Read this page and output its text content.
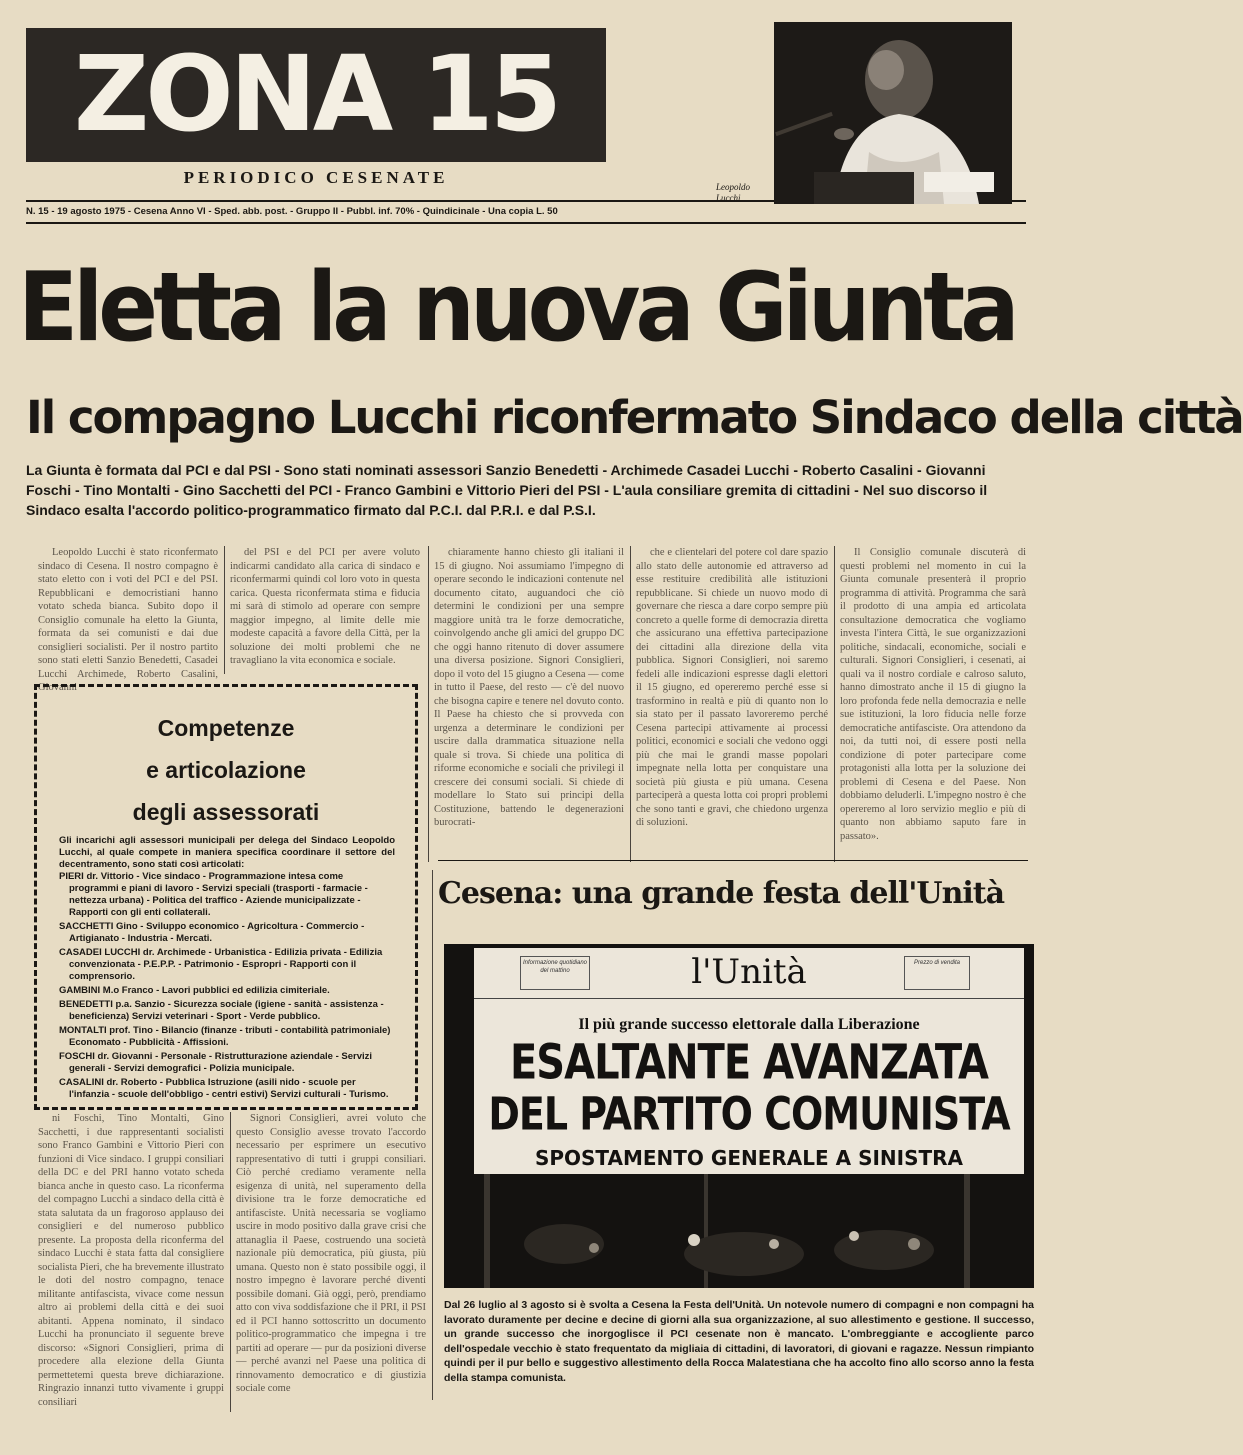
ZONA 15
PERIODICO CESENATE
N. 15 - 19 agosto 1975 - Cesena Anno VI - Sped. abb. post. - Gruppo II - Pubbl. inf. 70% - Quindicinale - Una copia L. 50
Leopoldo Lucchi
Eletta la nuova Giunta
Il compagno Lucchi riconfermato Sindaco della città
La Giunta è formata dal PCI e dal PSI - Sono stati nominati assessori Sanzio Benedetti - Archimede Casadei Lucchi - Roberto Casalini - Giovanni Foschi - Tino Montalti - Gino Sacchetti del PCI - Franco Gambini e Vittorio Pieri del PSI - L'aula consiliare gremita di cittadini - Nel suo discorso il Sindaco esalta l'accordo politico-programmatico firmato dal P.C.I. dal P.R.I. e dal P.S.I.

Leopoldo Lucchi è stato riconfermato sindaco di Cesena. Il nostro compagno è stato eletto con i voti del PCI e del PSI. Repubblicani e democristiani hanno votato scheda bianca. Subito dopo il Consiglio comunale ha eletto la Giunta, formata da sei comunisti e dai due consiglieri socialisti. Per il nostro partito sono stati eletti Sanzio Benedetti, Casadei Lucchi Archimede, Roberto Casalini, Giovanni

del PSI e del PCI per avere voluto indicarmi candidato alla carica di sindaco e riconfermarmi quindi col loro voto in questa carica. Questa riconfermata stima e fiducia mi sarà di stimolo ad operare con sempre maggior impegno, al limite delle mie modeste capacità a favore della Città, per la soluzione dei molti problemi che ne travagliano la vita economica e sociale.

chiaramente hanno chiesto gli italiani il 15 di giugno. Noi assumiamo l'impegno di operare secondo le indicazioni contenute nel documento citato, auguandoci che ciò determini le condizioni per una sempre maggiore unità tra le forze democratiche, coinvolgendo anche gli amici del gruppo DC che oggi hanno ritenuto di dover assumere una diversa posizione. Signori Consiglieri, dopo il voto del 15 giugno a Cesena — come in tutto il Paese, del resto — c'è del nuovo che bisogna capire e tenere nel dovuto conto. Il Paese ha chiesto che si provveda con urgenza a determinare le condizioni per uscire dalla drammatica situazione nella quale si trova. Si chiede una politica di riforme economiche e sociali che privilegi il crescere dei consumi sociali. Si chiede di modellare lo Stato sui principi della Costituzione, battendo le degenerazioni burocrati-

che e clientelari del potere col dare spazio allo stato delle autonomie ed attraverso ad esse restituire credibilità alle istituzioni repubblicane. Si chiede un nuovo modo di governare che riesca a dare corpo sempre più concreto a quelle forme di democrazia diretta che assicurano una effettiva partecipazione dei cittadini alla direzione della vita pubblica. Signori Consiglieri, noi saremo fedeli alle indicazioni espresse dagli elettori il 15 giugno, ed opereremo perché esse si trasformino in realtà e più di quanto non lo sia stato per il passato lavoreremo perché Cesena partecipi attivamente ai processi politici, economici e sociali che vedono oggi più che mai le grandi masse popolari impegnate nella lotta per conquistare una società più giusta e più umana. Cesena parteciperà a questa lotta coi propri problemi che sono tanti e gravi, che chiedono urgenza di soluzioni.

Il Consiglio comunale discuterà di questi problemi nel momento in cui la Giunta comunale presenterà il proprio programma di attività. Programma che sarà il prodotto di una ampia ed articolata consultazione democratica che vogliamo investa l'intera Città, le sue organizzazioni politiche, sindacali, economiche, sociali e culturali. Signori Consiglieri, i cesenati, ai quali va il nostro cordiale e calroso saluto, hanno dimostrato anche il 15 di giugno la loro profonda fede nella democrazia e nelle sue istituzioni, la loro fiducia nelle forze democratiche antifasciste. Ora attendono da noi, da tutti noi, di essere posti nella condizione di poter partecipare come protagonisti alla lotta per la soluzione dei problemi di Cesena e del Paese. Non dobbiamo deluderli. L'impegno nostro è che opereremo al loro servizio meglio e più di quanto non abbiamo saputo fare in passato».

Competenze
e articolazione
degli assessorati
Gli incarichi agli assessori municipali per delega del Sindaco Leopoldo Lucchi, al quale compete in maniera specifica coordinare il settore del decentramento, sono stati così articolati:
PIERI dr. Vittorio - Vice sindaco - Programmazione intesa come programmi e piani di lavoro - Servizi speciali (trasporti - farmacie - nettezza urbana) - Politica del traffico - Aziende municipalizzate - Rapporti con gli enti collaterali.
SACCHETTI Gino - Sviluppo economico - Agricoltura - Commercio - Artigianato - Industria - Mercati.
CASADEI LUCCHI dr. Archimede - Urbanistica - Edilizia privata - Edilizia convenzionata - P.E.P.P. - Patrimonio - Espropri - Rapporti con il comprensorio.
GAMBINI M.o Franco - Lavori pubblici ed edilizia cimiteriale.
BENEDETTI p.a. Sanzio - Sicurezza sociale (igiene - sanità - assistenza - beneficienza) Servizi veterinari - Sport - Verde pubblico.
MONTALTI prof. Tino - Bilancio (finanze - tributi - contabilità patrimoniale) Economato - Pubblicità - Affissioni.
FOSCHI dr. Giovanni - Personale - Ristrutturazione aziendale - Servizi generali - Servizi demografici - Polizia municipale.
CASALINI dr. Roberto - Pubblica Istruzione (asili nido - scuole per l'infanzia - scuole dell'obbligo - centri estivi) Servizi culturali - Turismo.

ni Foschi, Tino Montalti, Gino Sacchetti, i due rappresentanti socialisti sono Franco Gambini e Vittorio Pieri con funzioni di Vice sindaco. I gruppi consiliari della DC e del PRI hanno votato scheda bianca anche in questo caso. La riconferma del compagno Lucchi a sindaco della città è stata salutata da un fragoroso applauso dei consiglieri e del numeroso pubblico presente. La proposta della riconferma del sindaco Lucchi è stata fatta dal consigliere socialista Pieri, che ha brevemente illustrato le doti del nostro compagno, tenace militante antifascista, vivace come nessun altro ai problemi della città e dei suoi abitanti. Appena nominato, il sindaco Lucchi ha pronunciato il seguente breve discorso: «Signori Consiglieri, prima di procedere alla elezione della Giunta permettetemi questa breve dichiarazione. Ringrazio innanzi tutto vivamente i gruppi consiliari

Signori Consiglieri, avrei voluto che questo Consiglio avesse trovato l'accordo necessario per esprimere un esecutivo rappresentativo di tutti i gruppi consiliari. Ciò perché crediamo veramente nella esigenza di unità, nel superamento della divisione tra le forze democratiche ed antifasciste. Unità necessaria se vogliamo uscire in modo positivo dalla grave crisi che attanaglia il Paese, costruendo una società nazionale più democratica, più giusta, più umana. Questo non è stato possibile oggi, il nostro impegno è lavorare perché diventi possibile domani. Già oggi, però, prendiamo atto con viva soddisfazione che il PRI, il PSI ed il PCI hanno sottoscritto un documento politico-programmatico che impegna i tre partiti ad operare — pur da posizioni diverse — perché avanzi nel Paese una politica di rinnovamento democratico e di giustizia sociale come

Cesena: una grande festa dell'Unità
Informazione quotidiano del mattino	l'Unità	Prezzo di vendita
Il più grande successo elettorale dalla Liberazione
ESALTANTE AVANZATA
DEL PARTITO COMUNISTA
SPOSTAMENTO GENERALE A SINISTRA
Dal 26 luglio al 3 agosto si è svolta a Cesena la Festa dell'Unità. Un notevole numero di compagni e non compagni ha lavorato duramente per decine e decine di giorni alla sua organizzazione, al suo allestimento e gestione. Il successo, un grande successo che inorgoglisce il PCI cesenate non è mancato. L'ombreggiante e accogliente parco dell'ospedale vecchio è stato frequentato da migliaia di cittadini, di lavoratori, di giovani e ragazze. Nessun rimpianto quindi per il pur bello e suggestivo allestimento della Rocca Malatestiana che ha accolto fino allo scorso anno la festa della stampa comunista.
